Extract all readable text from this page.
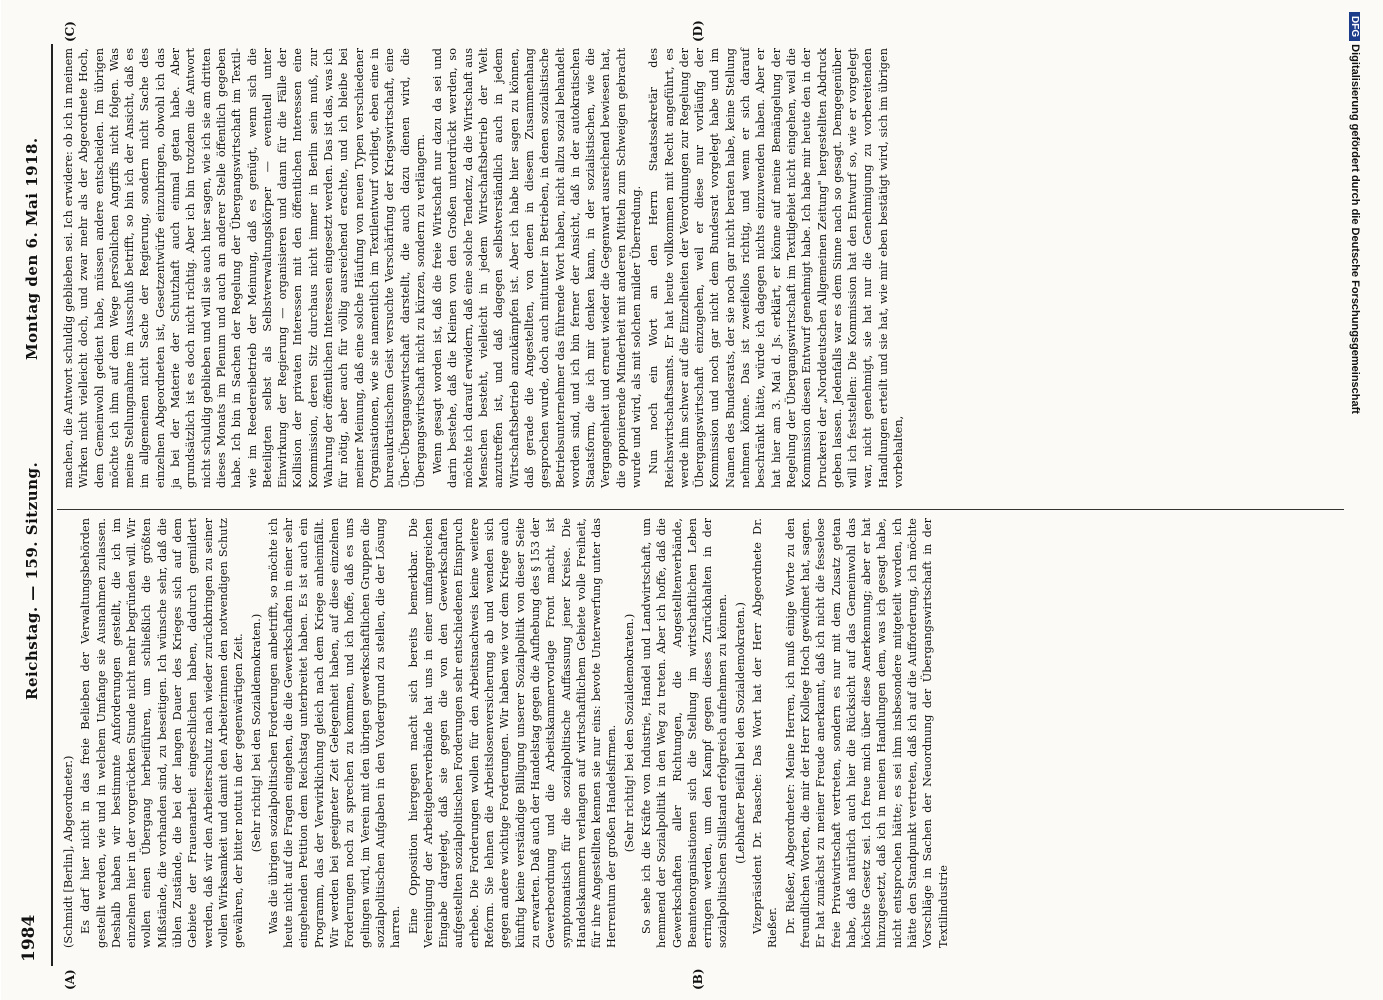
1984
Reichstag. — 159. Sitzung.
Montag den 6. Mai 1918.
(A)	(B)
(C)	(D)

(Schmidt [Berlin], Abgeordneter.) Es darf hier nicht in das freie Belieben der Verwaltungsbehörden gestellt werden, wie und in welchem Umfange sie Ausnahmen zulassen. Deshalb haben wir bestimmte Anforderungen gestellt, die ich im einzelnen hier in der vorgerückten Stunde nicht mehr begründen will. Wir wollen einen Übergang herbeiführen, um schließlich die größten Mißstände, die vorhanden sind, zu beseitigen. Ich wünsche sehr, daß die üblen Zustände, die bei der langen Dauer des Krieges sich auf dem Gebiete der Frauenarbeit eingeschlichen haben, dadurch gemildert werden, daß wir den Arbeiterschutz nach wieder zurückbringen zu seiner vollen Wirksamkeit und damit den Arbeiterinnen den notwendigen Schutz gewähren, der bitter nottut in der gegenwärtigen Zeit. (Sehr richtig! bei den Sozialdemokraten.) Was die übrigen sozialpolitischen Forderungen anbetrifft, so möchte ich heute nicht auf die Fragen eingehen, die die Gewerkschaften in einer sehr eingehenden Petition dem Reichstag unterbreitet haben. Es ist auch ein Programm, das der Verwirklichung gleich nach dem Kriege anheimfällt. Wir werden bei geeigneter Zeit Gelegenheit haben, auf diese einzelnen Forderungen noch zu sprechen zu kommen, und ich hoffe, daß es uns gelingen wird, im Verein mit den übrigen gewerkschaftlichen Gruppen die sozialpolitischen Aufgaben in den Vordergrund zu stellen, die der Lösung harren. Eine Opposition hiergegen macht sich bereits bemerkbar. Die Vereinigung der Arbeitgeberverbände hat uns in einer umfangreichen Eingabe dargelegt, daß sie gegen die von den Gewerkschaften aufgestellten sozialpolitischen Forderungen sehr entschiedenen Einspruch erhebe. Die Forderungen wollen für den Arbeitsnachweis keine weitere Reform. Sie lehnen die Arbeitslosenversicherung ab und wenden sich gegen andere wichtige Forderungen. Wir haben wie vor dem Kriege auch künftig keine verständige Billigung unserer Sozialpolitik von dieser Seite zu erwarten. Daß auch der Handelstag gegen die Aufhebung des § 153 der Gewerbeordnung und die Arbeitskammervorlage Front macht, ist symptomatisch für die sozialpolitische Auffassung jener Kreise. Die Handelskammern verlangen auf wirtschaftlichem Gebiete volle Freiheit, für ihre Angestellten kennen sie nur eins: bevote Unterwerfung unter das Herrentum der großen Handelsfirmen. (Sehr richtig! bei den Sozialdemokraten.) So sehe ich die Kräfte von Industrie, Handel und Landwirtschaft, um hemmend der Sozialpolitik in den Weg zu treten. Aber ich hoffe, daß die Gewerkschaften aller Richtungen, die Angestelltenverbände, Beamtenorganisationen sich die Stellung im wirtschaftlichen Leben erringen werden, um den Kampf gegen dieses Zurückhalten in der sozialpolitischen Stillstand erfolgreich aufnehmen zu können. (Lebhafter Beifall bei den Sozialdemokraten.) Vizepräsident Dr. Paasche: Das Wort hat der Herr Abgeordnete Dr. Rießer. Dr. Rießer, Abgeordneter: Meine Herren, ich muß einige Worte zu den freundlichen Worten, die mir der Herr Kollege Hoch gewidmet hat, sagen. Er hat zunächst zu meiner Freude anerkannt, daß ich nicht die fesselose freie Privatwirtschaft vertreten, sondern es nur mit dem Zusatz getan habe, daß natürlich auch hier die Rücksicht auf das Gemeinwohl das höchste Gesetz sei. Ich freue mich über diese Anerkennung; aber er hat hinzugesetzt, daß ich in meinen Handlungen dem, was ich gesagt habe, nicht entsprochen hätte; es sei ihm insbesondere mitgeteilt worden, ich hätte den Standpunkt vertreten, daß ich auf die Aufforderung, ich möchte Vorschläge in Sachen der Neuordnung der Übergangswirtschaft in der Textilindustrie

machen, die Antwort schuldig geblieben sei. Ich erwidere: ob ich in meinem Wirken nicht vielleicht doch, und zwar mehr als der Abgeordnete Hoch, dem Gemeinwohl gedient habe, müssen andere entscheiden. Im übrigen möchte ich ihm auf dem Wege persönlichen Angriffs nicht folgen. Was meine Stellungnahme im Ausschuß betrifft, so bin ich der Ansicht, daß es im allgemeinen nicht Sache der Regierung, sondern nicht Sache des einzelnen Abgeordneten ist, Gesetzentwürfe einzubringen, obwohl ich das ja bei der Materie der Schutzhaft auch einmal getan habe. Aber grundsätzlich ist es doch nicht richtig. Aber ich bin trotzdem die Antwort nicht schuldig geblieben und will sie auch hier sagen, wie ich sie am dritten dieses Monats im Plenum und auch an anderer Stelle öffentlich gegeben habe. Ich bin in Sachen der Regelung der Übergangswirtschaft im Textil- wie im Reedereibetrieb der Meinung, daß es genügt, wenn sich die Beteiligten selbst als Selbstverwaltungskörper — eventuell unter Einwirkung der Regierung — organisieren und dann für die Fälle der Kollision der privaten Interessen mit den öffentlichen Interessen eine Kommission, deren Sitz durchaus nicht immer in Berlin sein muß, zur Wahrung der öffentlichen Interessen eingesetzt werden. Das ist das, was ich für nötig, aber auch für völlig ausreichend erachte, und ich bleibe bei meiner Meinung, daß eine solche Häufung von neuen Typen verschiedener Organisationen, wie sie namentlich im Textilentwurf vorliegt, eben eine in bureaukratischem Geist versuchte Verschärfung der Kriegswirtschaft, eine Über-Übergangswirtschaft darstellt, die auch dazu dienen wird, die Übergangswirtschaft nicht zu kürzen, sondern zu verlängern. Wenn gesagt worden ist, daß die freie Wirtschaft nur dazu da sei und darin bestehe, daß die Kleinen von den Großen unterdrückt werden, so möchte ich darauf erwidern, daß eine solche Tendenz, da die Wirtschaft aus Menschen besteht, vielleicht in jedem Wirtschaftsbetrieb der Welt anzutreffen ist, und daß dagegen selbstverständlich auch in jedem Wirtschaftsbetrieb anzukämpfen ist. Aber ich habe hier sagen zu können, daß gerade die Angestellten, von denen in diesem Zusammenhang gesprochen wurde, doch auch mitunter in Betrieben, in denen sozialistische Betriebsunternehmer das führende Wort haben, nicht allzu sozial behandelt worden sind, und ich bin ferner der Ansicht, daß in der autokratischen Staatsform, die ich mir denken kann, in der sozialistischen, wie die Vergangenheit und erneut wieder die Gegenwart ausreichend bewiesen hat, die opponierende Minderheit mit anderen Mitteln zum Schweigen gebracht wurde und wird, als mit solchen milder Überredung. Nun noch ein Wort an den Herrn Staatssekretär des Reichswirtschaftsamts. Er hat heute vollkommen mit Recht angeführt, es werde ihm schwer auf die Einzelheiten der Verordnungen zur Regelung der Übergangswirtschaft einzugehen, weil er diese nur vorläufig der Kommission und noch gar nicht dem Bundesrat vorgelegt habe und im Namen des Bundesrats, der sie noch gar nicht beraten habe, keine Stellung nehmen könne. Das ist zweifellos richtig, und wenn er sich darauf beschränkt hätte, würde ich dagegen nichts einzuwenden haben. Aber er hat hier am 3. Mai d. Js. erklärt, er könne auf meine Bemängelung der Regelung der Übergangswirtschaft im Textilgebiet nicht eingehen, weil die Kommission diesen Entwurf genehmigt habe. Ich habe mir heute den in der Druckerei der „Norddeutschen Allgemeinen Zeitung" hergestellten Abdruck geben lassen. Jedenfalls war es dem Sinne nach so gesagt. Demgegenüber will ich feststellen: Die Kommission hat den Entwurf so, wie er vorgelegt war, nicht genehmigt, sie hat nur die Genehmigung zu vorbereitenden Handlungen erteilt und sie hat, wie mir eben bestätigt wird, sich im übrigen vorbehalten,

DFG Digitalisierung gefördert durch die Deutsche Forschungsgemeinschaft
